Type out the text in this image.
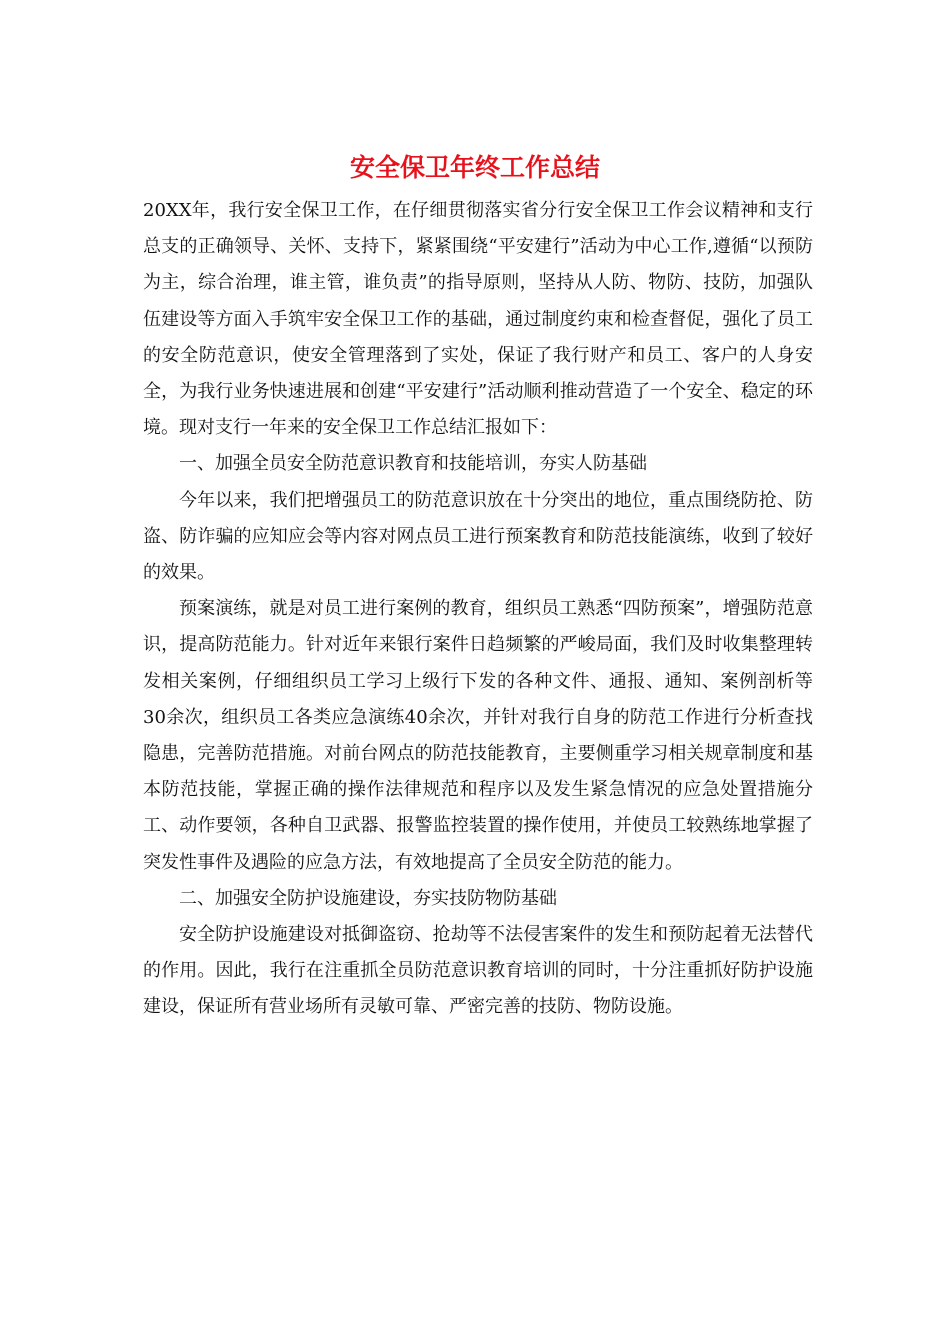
安全保卫年终工作总结

20XX年，我行安全保卫工作，在仔细贯彻落实省分行安全保卫工作会议精神和支行总支的正确领导、关怀、支持下，紧紧围绕“平安建行”活动为中心工作,遵循“以预防为主，综合治理，谁主管，谁负责”的指导原则，坚持从人防、物防、技防，加强队伍建设等方面入手筑牢安全保卫工作的基础，通过制度约束和检查督促，强化了员工的安全防范意识，使安全管理落到了实处，保证了我行财产和员工、客户的人身安全，为我行业务快速进展和创建“平安建行”活动顺利推动营造了一个安全、稳定的环境。现对支行一年来的安全保卫工作总结汇报如下：

一、加强全员安全防范意识教育和技能培训，夯实人防基础

今年以来，我们把增强员工的防范意识放在十分突出的地位，重点围绕防抢、防盗、防诈骗的应知应会等内容对网点员工进行预案教育和防范技能演练，收到了较好的效果。

预案演练，就是对员工进行案例的教育，组织员工熟悉“四防预案”，增强防范意识，提高防范能力。针对近年来银行案件日趋频繁的严峻局面，我们及时收集整理转发相关案例，仔细组织员工学习上级行下发的各种文件、通报、通知、案例剖析等30余次，组织员工各类应急演练40余次，并针对我行自身的防范工作进行分析查找隐患，完善防范措施。对前台网点的防范技能教育，主要侧重学习相关规章制度和基本防范技能，掌握正确的操作法律规范和程序以及发生紧急情况的应急处置措施分工、动作要领，各种自卫武器、报警监控装置的操作使用，并使员工较熟练地掌握了突发性事件及遇险的应急方法，有效地提高了全员安全防范的能力。

二、加强安全防护设施建设，夯实技防物防基础

安全防护设施建设对抵御盗窃、抢劫等不法侵害案件的发生和预防起着无法替代的作用。因此，我行在注重抓全员防范意识教育培训的同时，十分注重抓好防护设施建设，保证所有营业场所有灵敏可靠、严密完善的技防、物防设施。
